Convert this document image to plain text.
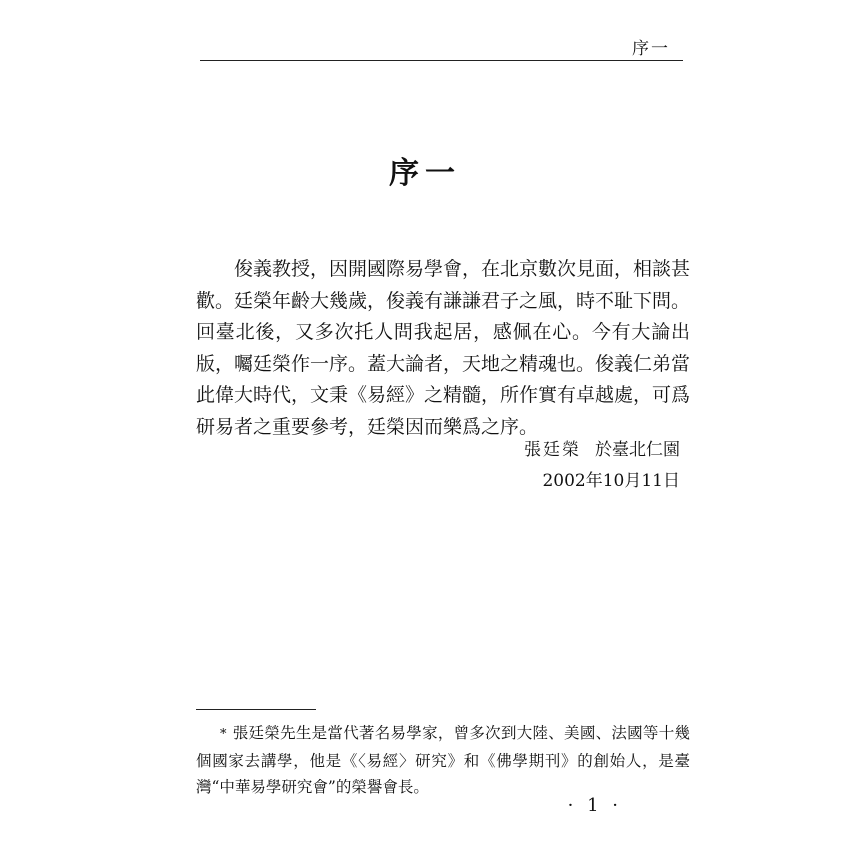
序一
序一

俊義教授，因開國際易學會，在北京數次見面，相談甚歡。廷榮年齡大幾歲，俊義有謙謙君子之風，時不耻下問。回臺北後，又多次托人問我起居，感佩在心。今有大論出版，囑廷榮作一序。蓋大論者，天地之精魂也。俊義仁弟當此偉大時代，文秉《易經》之精髓，所作實有卓越處，可爲研易者之重要參考，廷榮因而樂爲之序。

張廷榮 於臺北仁園
2002年10月11日

* 張廷榮先生是當代著名易學家，曾多次到大陸、美國、法國等十幾個國家去講學，他是《〈易經〉研究》和《佛學期刊》的創始人，是臺灣“中華易學研究會”的榮譽會長。

· 1 ·
